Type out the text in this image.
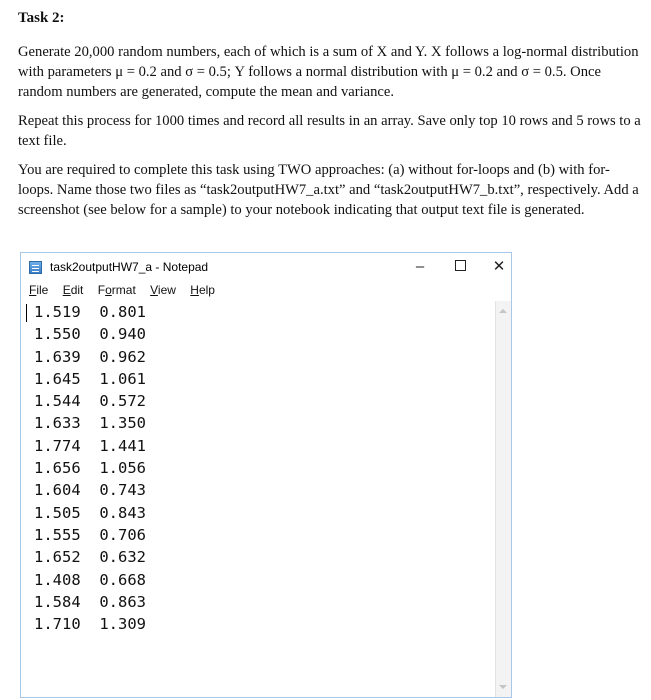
Task 2:

Generate 20,000 random numbers, each of which is a sum of X and Y. X follows a log-normal distribution with parameters μ = 0.2 and σ = 0.5; Y follows a normal distribution with μ = 0.2 and σ = 0.5. Once random numbers are generated, compute the mean and variance.

Repeat this process for 1000 times and record all results in an array. Save only top 10 rows and 5 rows to a text file.

You are required to complete this task using TWO approaches: (a) without for-loops and (b) with for-loops. Name those two files as “task2outputHW7_a.txt” and “task2outputHW7_b.txt”, respectively. Add a screenshot (see below for a sample) to your notebook indicating that output text file is generated.

task2outputHW7_a - Notepad	–	✕
File Edit Format View Help
1.519  0.801
1.550  0.940
1.639  0.962
1.645  1.061
1.544  0.572
1.633  1.350
1.774  1.441
1.656  1.056
1.604  0.743
1.505  0.843
1.555  0.706
1.652  0.632
1.408  0.668
1.584  0.863
1.710  1.309
